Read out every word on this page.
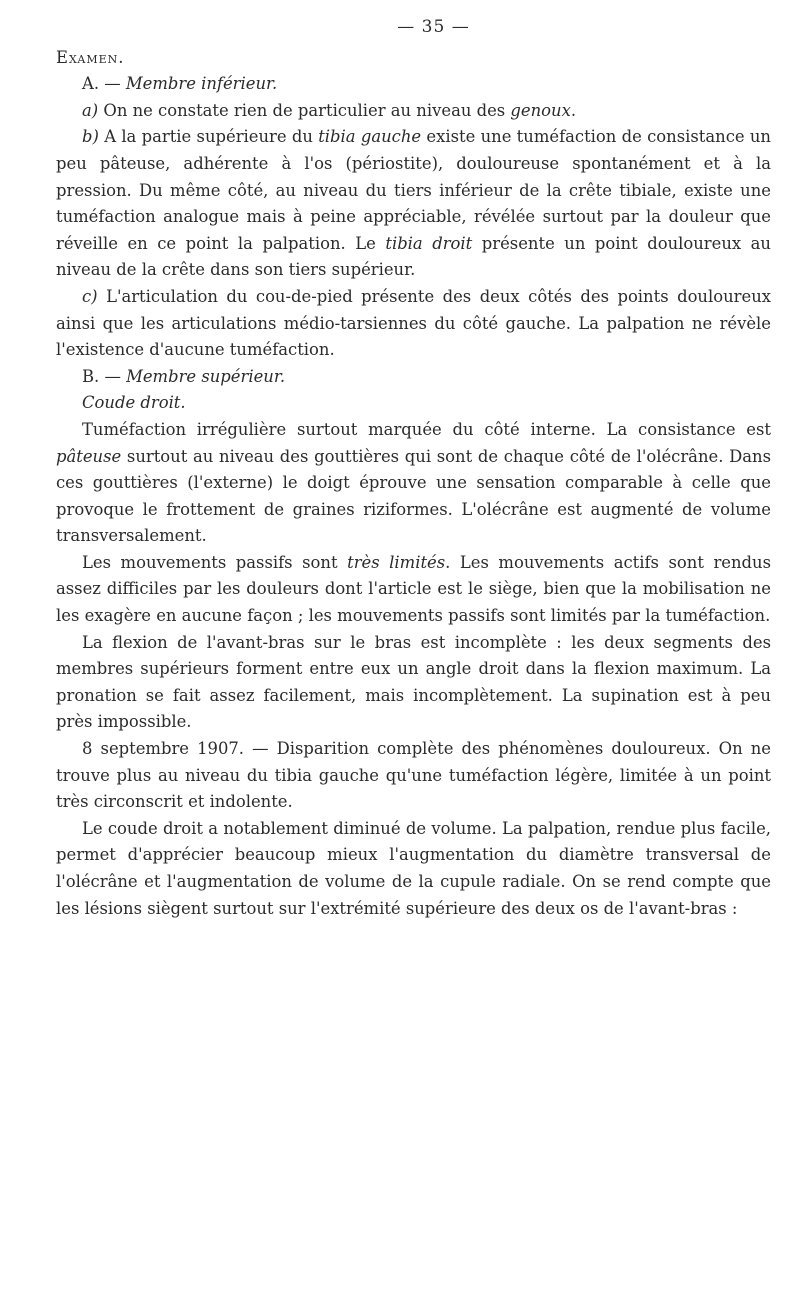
— 35 —

Examen.

A. — Membre inférieur.

a) On ne constate rien de particulier au niveau des genoux.

b) A la partie supérieure du tibia gauche existe une tuméfaction de consistance un peu pâteuse, adhérente à l'os (périostite), douloureuse spontanément et à la pression. Du même côté, au niveau du tiers inférieur de la crête tibiale, existe une tuméfaction analogue mais à peine appréciable, révélée surtout par la douleur que réveille en ce point la palpation. Le tibia droit présente un point douloureux au niveau de la crête dans son tiers supérieur.

c) L'articulation du cou-de-pied présente des deux côtés des points douloureux ainsi que les articulations médio-tarsiennes du côté gauche. La palpation ne révèle l'existence d'aucune tuméfaction.

B. — Membre supérieur.

Coude droit.

Tuméfaction irrégulière surtout marquée du côté interne. La consistance est pâteuse surtout au niveau des gouttières qui sont de chaque côté de l'olécrâne. Dans ces gouttières (l'externe) le doigt éprouve une sensation comparable à celle que provoque le frottement de graines riziformes. L'olécrâne est augmenté de volume transversalement.

Les mouvements passifs sont très limités. Les mouvements actifs sont rendus assez difficiles par les douleurs dont l'article est le siège, bien que la mobilisation ne les exagère en aucune façon ; les mouvements passifs sont limités par la tuméfaction.

La flexion de l'avant-bras sur le bras est incomplète : les deux segments des membres supérieurs forment entre eux un angle droit dans la flexion maximum. La pronation se fait assez facilement, mais incomplètement. La supination est à peu près impossible.

8 septembre 1907. — Disparition complète des phénomènes douloureux. On ne trouve plus au niveau du tibia gauche qu'une tuméfaction légère, limitée à un point très circonscrit et indolente.

Le coude droit a notablement diminué de volume. La palpation, rendue plus facile, permet d'apprécier beaucoup mieux l'augmentation du diamètre transversal de l'olécrâne et l'augmentation de volume de la cupule radiale. On se rend compte que les lésions siègent surtout sur l'extrémité supérieure des deux os de l'avant-bras :
